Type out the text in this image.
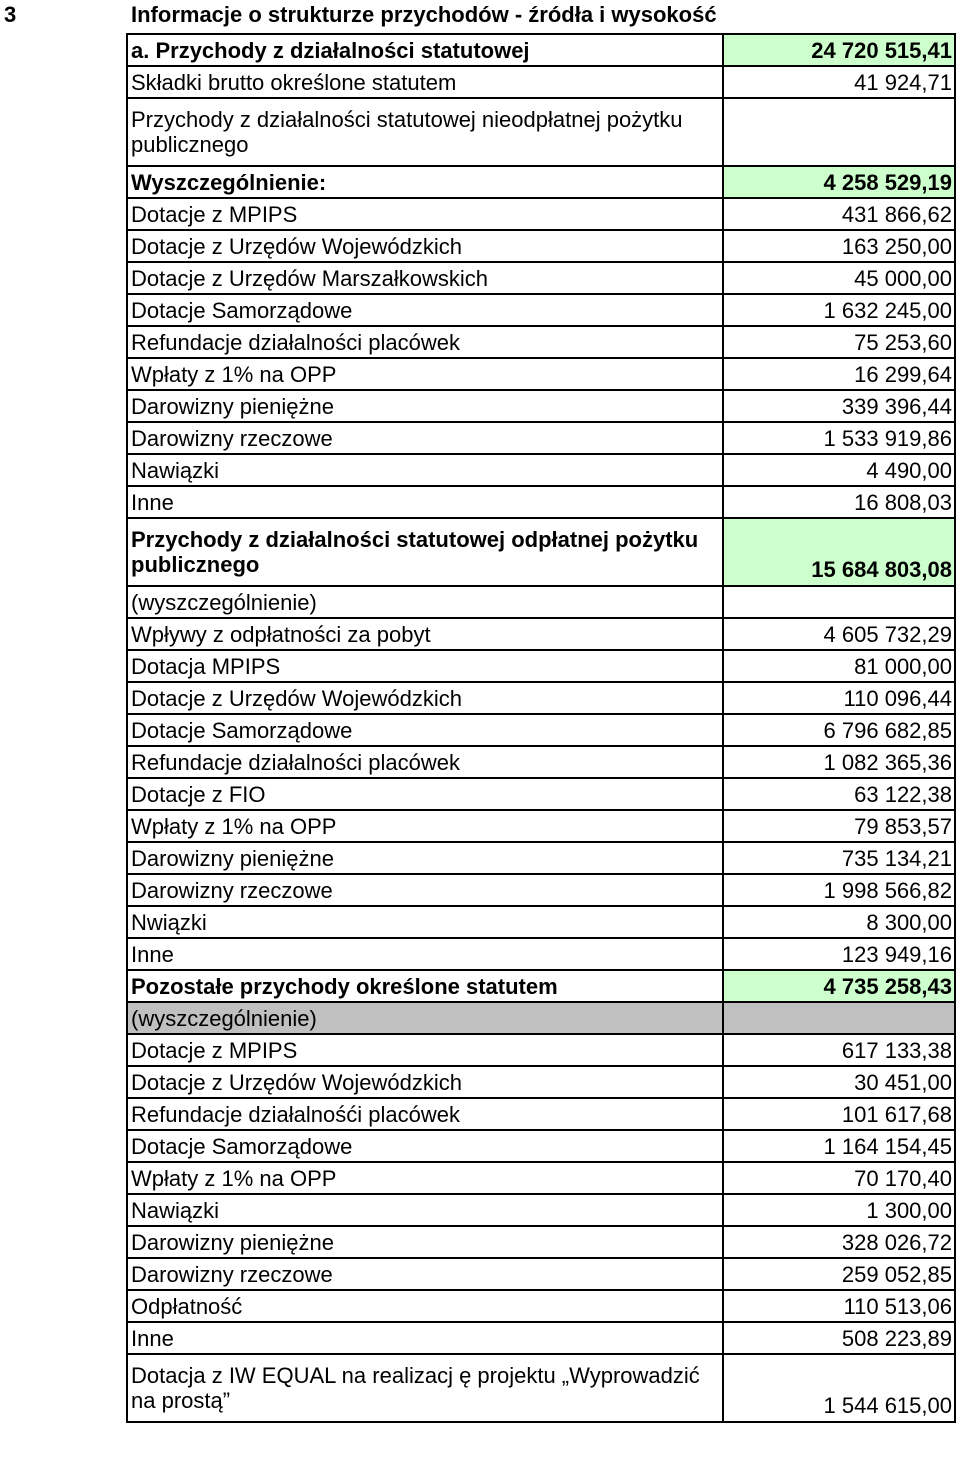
3	Informacje o strukturze przychodów - źródła i wysokość
a. Przychody z działalności statutowej	24 720 515,41
Składki brutto określone statutem	41 924,71
Przychody z działalności statutowej nieodpłatnej pożytku publicznego	
Wyszczególnienie:	4 258 529,19
Dotacje z MPIPS	431 866,62
Dotacje z Urzędów Wojewódzkich	163 250,00
Dotacje z Urzędów Marszałkowskich	45 000,00
Dotacje Samorządowe	1 632 245,00
Refundacje działalności placówek	75 253,60
Wpłaty z 1% na OPP	16 299,64
Darowizny pieniężne	339 396,44
Darowizny rzeczowe	1 533 919,86
Nawiązki	4 490,00
Inne	16 808,03
Przychody z działalności statutowej odpłatnej pożytku publicznego	15 684 803,08
(wyszczególnienie)	
Wpływy z odpłatności za pobyt	4 605 732,29
Dotacja MPIPS	81 000,00
Dotacje z Urzędów Wojewódzkich	110 096,44
Dotacje Samorządowe	6 796 682,85
Refundacje działalności placówek	1 082 365,36
Dotacje z FIO	63 122,38
Wpłaty z 1% na OPP	79 853,57
Darowizny pieniężne	735 134,21
Darowizny rzeczowe	1 998 566,82
Nwiązki	8 300,00
Inne	123 949,16
Pozostałe przychody określone statutem	4 735 258,43
(wyszczególnienie)	
Dotacje z MPIPS	617 133,38
Dotacje z Urzędów Wojewódzkich	30 451,00
Refundacje działalnośći placówek	101 617,68
Dotacje Samorządowe	1 164 154,45
Wpłaty z 1% na OPP	70 170,40
Nawiązki	1 300,00
Darowizny pieniężne	328 026,72
Darowizny rzeczowe	259 052,85
Odpłatność	110 513,06
Inne	508 223,89
Dotacja z IW EQUAL na realizacj ę projektu „Wyprowadzić na prostą”	1 544 615,00
